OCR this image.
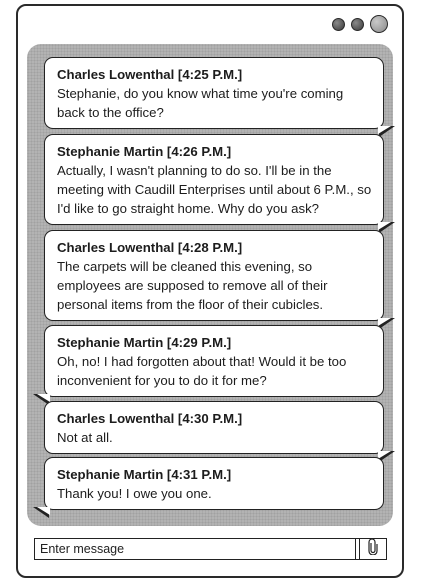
Charles Lowenthal [4:25 P.M.]
Stephanie, do you know what time you're coming back to the office?
Stephanie Martin [4:26 P.M.]
Actually, I wasn't planning to do so. I'll be in the meeting with Caudill Enterprises until about 6 P.M., so I'd like to go straight home. Why do you ask?
Charles Lowenthal [4:28 P.M.]
The carpets will be cleaned this evening, so employees are supposed to remove all of their personal items from the floor of their cubicles.
Stephanie Martin [4:29 P.M.]
Oh, no! I had forgotten about that! Would it be too inconvenient for you to do it for me?
Charles Lowenthal [4:30 P.M.]
Not at all.
Stephanie Martin [4:31 P.M.]
Thank you! I owe you one.
Enter message
